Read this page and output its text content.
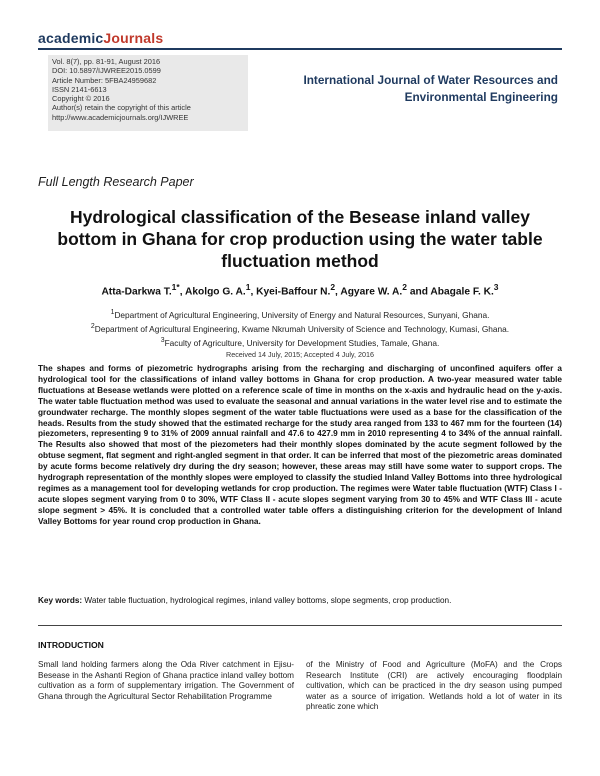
academicJournals
Vol. 8(7), pp. 81-91, August 2016
DOI: 10.5897/IJWREE2015.0599
Article Number: 5FBA24959682
ISSN 2141-6613
Copyright © 2016
Author(s) retain the copyright of this article
http://www.academicjournals.org/IJWREE
International Journal of Water Resources and
Environmental Engineering
Full Length Research Paper
Hydrological classification of the Besease inland valley bottom in Ghana for crop production using the water table fluctuation method
Atta-Darkwa T.$^{1*}$, Akolgo G. A.$^1$, Kyei-Baffour N.$^2$, Agyare W. A.$^2$ and Abagale F. K.$^3$
$^1$Department of Agricultural Engineering, University of Energy and Natural Resources, Sunyani, Ghana.
$^2$Department of Agricultural Engineering, Kwame Nkrumah University of Science and Technology, Kumasi, Ghana.
$^3$Faculty of Agriculture, University for Development Studies, Tamale, Ghana.
Received 14 July, 2015; Accepted 4 July, 2016
The shapes and forms of piezometric hydrographs arising from the recharging and discharging of unconfined aquifers offer a hydrological tool for the classifications of inland valley bottoms in Ghana for crop production. A two-year measured water table fluctuations at Besease wetlands were plotted on a reference scale of time in months on the x-axis and hydraulic head on the y-axis. The water table fluctuation method was used to evaluate the seasonal and annual variations in the water level rise and to estimate the groundwater recharge. The monthly slopes segment of the water table fluctuations were used as a base for the classification of the heads. Results from the study showed that the estimated recharge for the study area ranged from 133 to 467 mm for the fourteen (14) piezometers, representing 9 to 31% of 2009 annual rainfall and 47.6 to 427.9 mm in 2010 representing 4 to 34% of the annual rainfall. The Results also showed that most of the piezometers had their monthly slopes dominated by the acute segment followed by the obtuse segment, flat segment and right-angled segment in that order. It can be inferred that most of the piezometric areas dominated by acute forms become relatively dry during the dry season; however, these areas may still have some water to support crops. The hydrograph representation of the monthly slopes were employed to classify the studied Inland Valley Bottoms into three hydrological regimes as a management tool for developing wetlands for crop production. The regimes were Water table fluctuation (WTF) Class I - acute slopes segment varying from 0 to 30%, WTF Class II - acute slopes segment varying from 30 to 45% and WTF Class III - acute slope segment > 45%. It is concluded that a controlled water table offers a distinguishing criterion for the development of Inland Valley Bottoms for year round crop production in Ghana.
Key words: Water table fluctuation, hydrological regimes, inland valley bottoms, slope segments, crop production.
INTRODUCTION
Small land holding farmers along the Oda River catchment in Ejisu-Besease in the Ashanti Region of Ghana practice inland valley bottom cultivation as a form of supplementary irrigation. The Government of Ghana through the Agricultural Sector Rehabilitation Programme
of the Ministry of Food and Agriculture (MoFA) and the Crops Research Institute (CRI) are actively encouraging floodplain cultivation, which can be practiced in the dry season using pumped water as a source of irrigation. Wetlands hold a lot of water in its phreatic zone which
